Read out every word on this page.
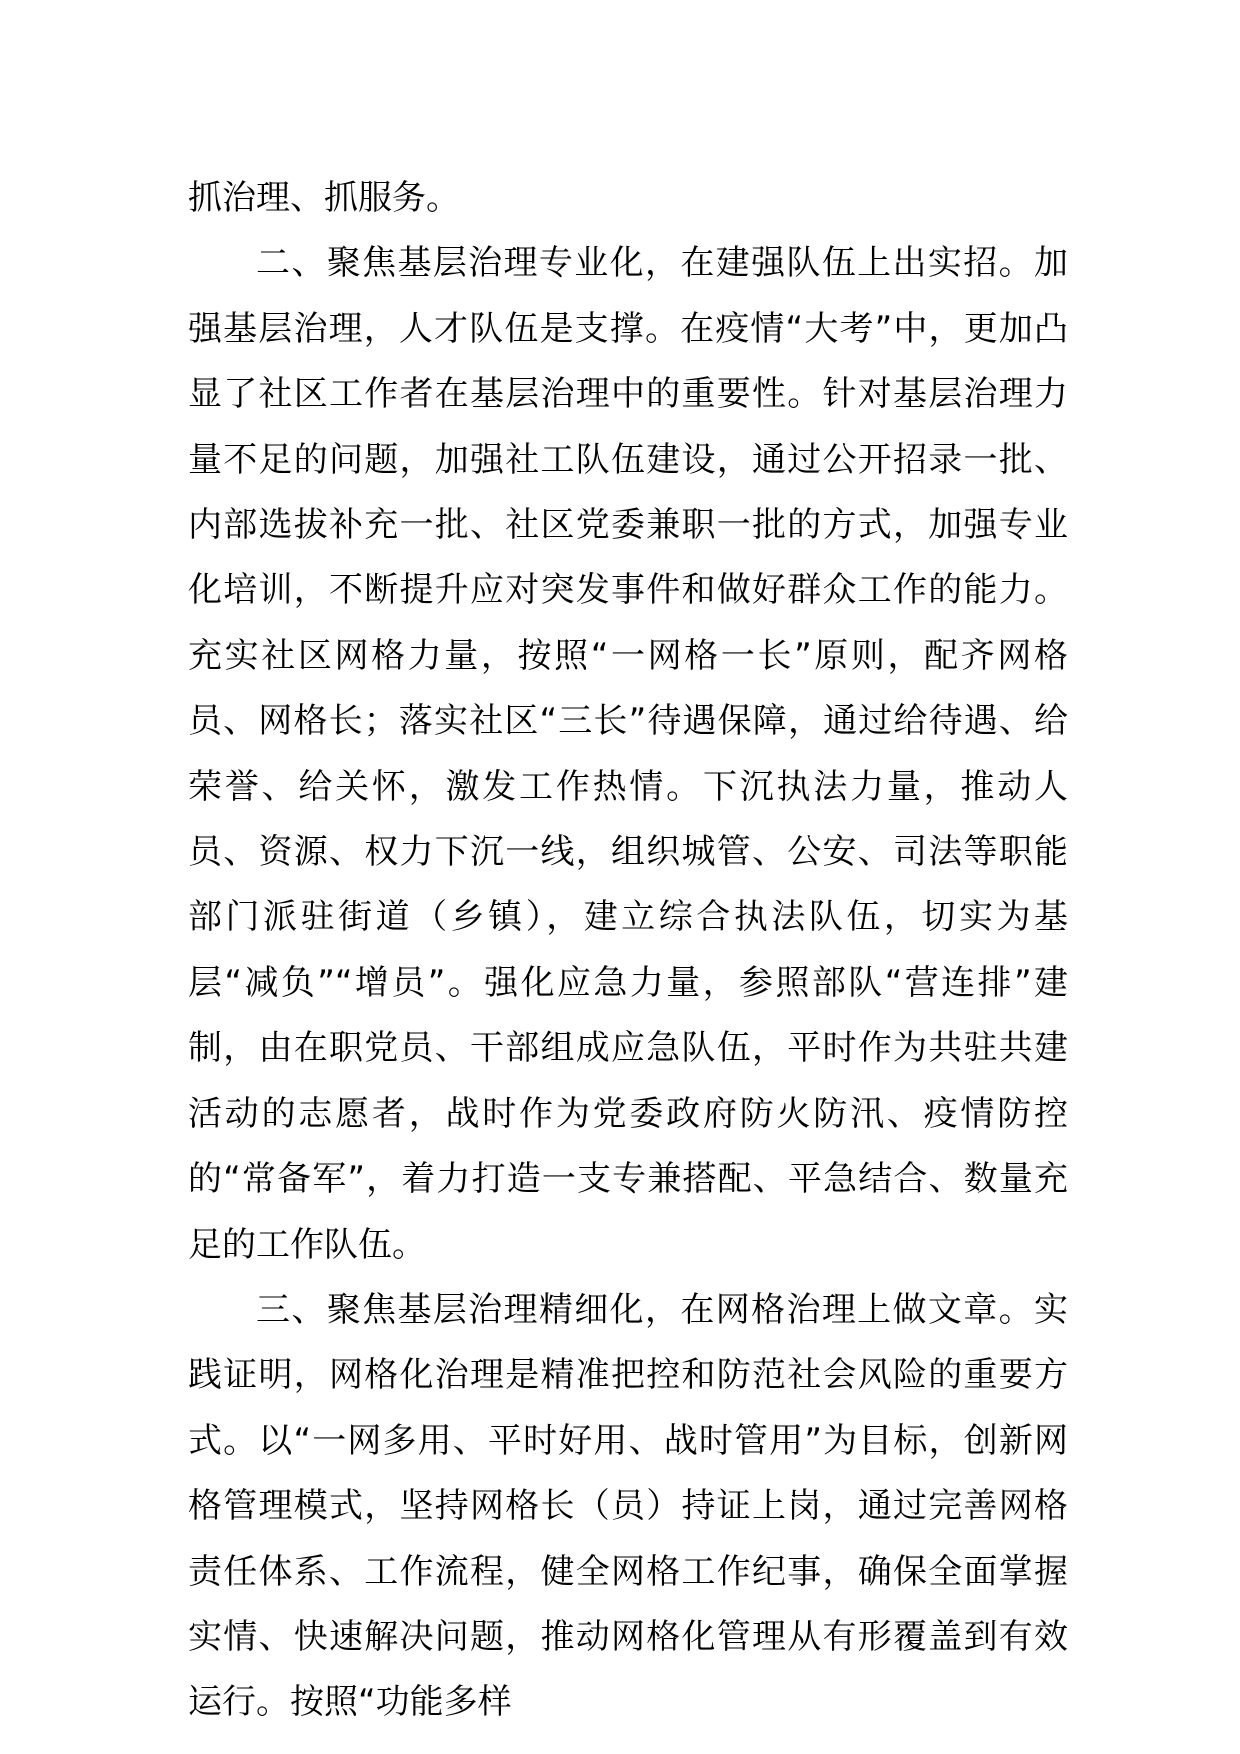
抓治理、抓服务。

二、聚焦基层治理专业化，在建强队伍上出实招。加强基层治理，人才队伍是支撑。在疫情“大考”中，更加凸显了社区工作者在基层治理中的重要性。针对基层治理力量不足的问题，加强社工队伍建设，通过公开招录一批、内部选拔补充一批、社区党委兼职一批的方式，加强专业化培训，不断提升应对突发事件和做好群众工作的能力。充实社区网格力量，按照“一网格一长”原则，配齐网格员、网格长；落实社区“三长”待遇保障，通过给待遇、给荣誉、给关怀，激发工作热情。下沉执法力量，推动人员、资源、权力下沉一线，组织城管、公安、司法等职能部门派驻街道（乡镇），建立综合执法队伍，切实为基层“减负”“增员”。强化应急力量，参照部队“营连排”建制，由在职党员、干部组成应急队伍，平时作为共驻共建活动的志愿者，战时作为党委政府防火防汛、疫情防控的“常备军”，着力打造一支专兼搭配、平急结合、数量充足的工作队伍。

三、聚焦基层治理精细化，在网格治理上做文章。实践证明，网格化治理是精准把控和防范社会风险的重要方式。以“一网多用、平时好用、战时管用”为目标，创新网格管理模式，坚持网格长（员）持证上岗，通过完善网格责任体系、工作流程，健全网格工作纪事，确保全面掌握实情、快速解决问题，推动网格化管理从有形覆盖到有效运行。按照“功能多样
